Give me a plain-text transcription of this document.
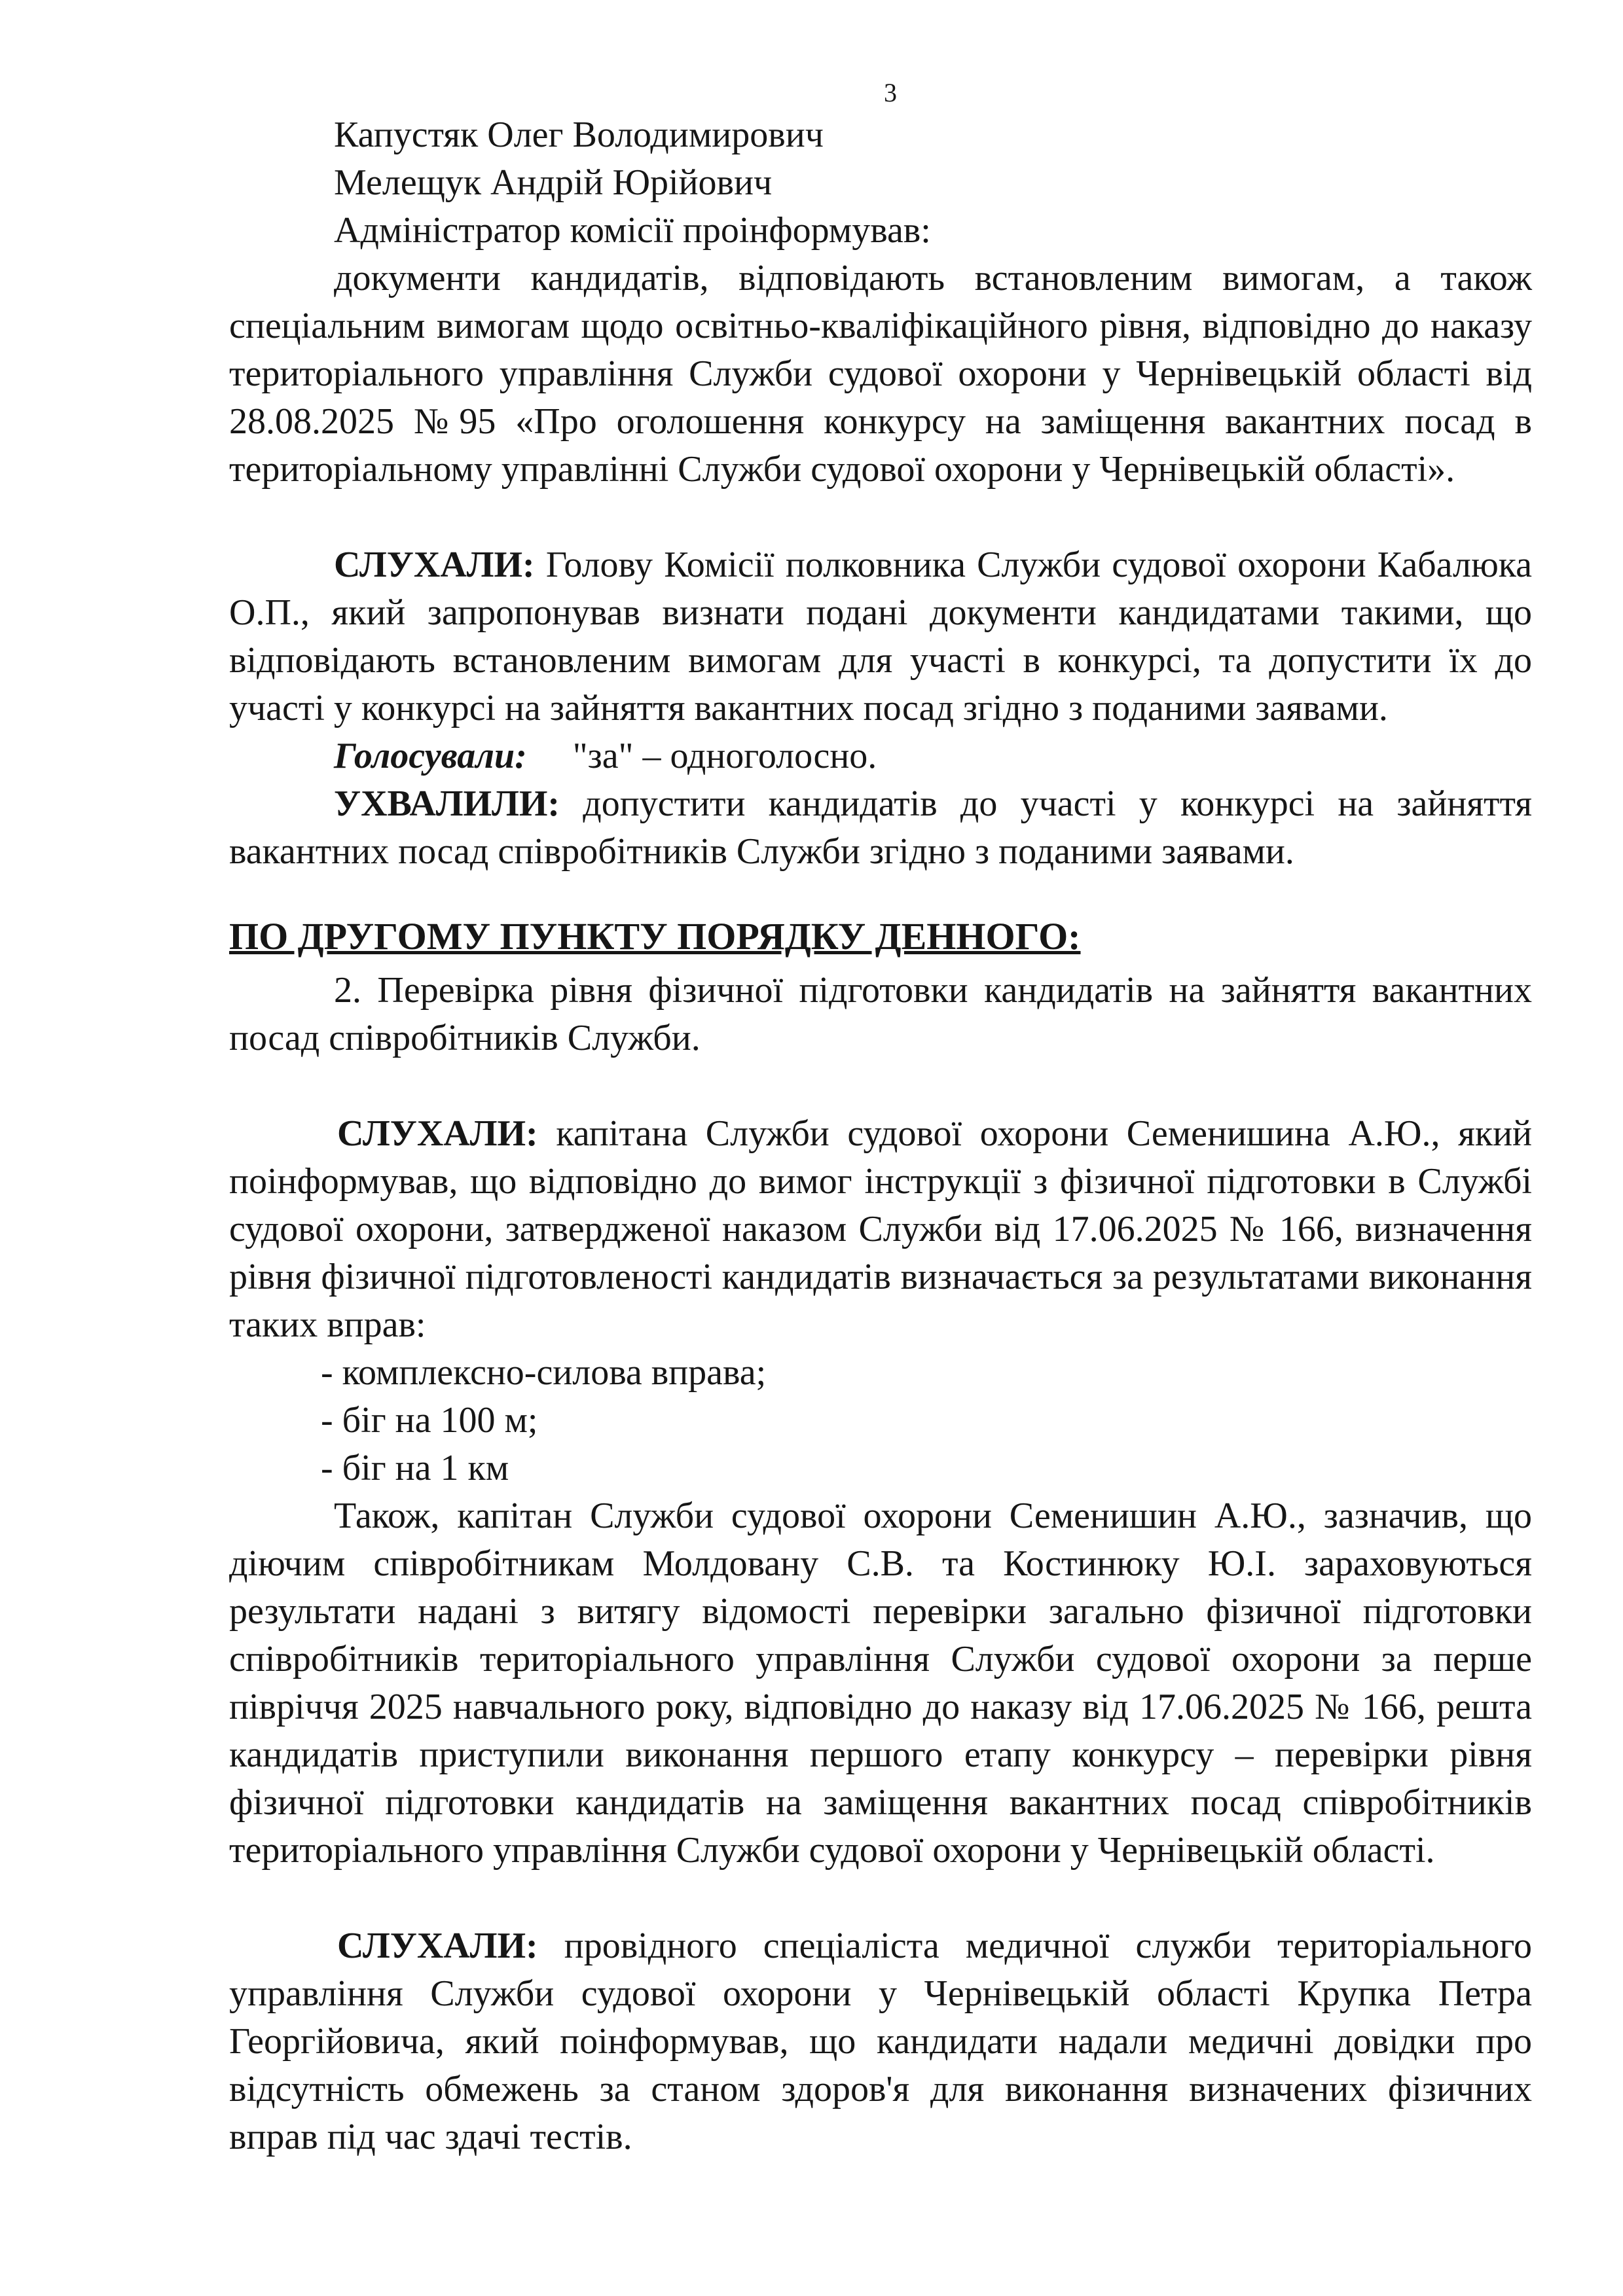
3

Капустяк Олег Володимирович

Мелещук Андрій Юрійович

Адміністратор комісії проінформував:

документи кандидатів, відповідають встановленим вимогам, а також спеціальним вимогам щодо освітньо-кваліфікаційного рівня, відповідно до наказу територіального управління Служби судової охорони у Чернівецькій області від 28.08.2025 №95 «Про оголошення конкурсу на заміщення вакантних посад в територіальному управлінні Служби судової охорони у Чернівецькій області».

СЛУХАЛИ: Голову Комісії полковника Служби судової охорони Кабалюка О.П., який запропонував визнати подані документи кандидатами такими, що відповідають встановленим вимогам для участі в конкурсі, та допустити їх до участі у конкурсі на зайняття вакантних посад згідно з поданими заявами.

Голосували: "за" – одноголосно.

УХВАЛИЛИ: допустити кандидатів до участі у конкурсі на зайняття вакантних посад співробітників Служби згідно з поданими заявами.

ПО ДРУГОМУ ПУНКТУ ПОРЯДКУ ДЕННОГО:

2. Перевірка рівня фізичної підготовки кандидатів на зайняття вакантних посад співробітників Служби.

СЛУХАЛИ: капітана Служби судової охорони Семенишина А.Ю., який поінформував, що відповідно до вимог інструкції з фізичної підготовки в Службі судової охорони, затвердженої наказом Служби від 17.06.2025 № 166, визначення рівня фізичної підготовленості кандидатів визначається за результатами виконання таких вправ:

- комплексно-силова вправа;

- біг на 100 м;

- біг на 1 км

Також, капітан Служби судової охорони Семенишин А.Ю., зазначив, що діючим співробітникам Молдовану С.В. та Костинюку Ю.І. зараховуються результати надані з витягу відомості перевірки загально фізичної підготовки співробітників територіального управління Служби судової охорони за перше півріччя 2025 навчального року, відповідно до наказу від 17.06.2025 № 166, решта кандидатів приступили виконання першого етапу конкурсу – перевірки рівня фізичної підготовки кандидатів на заміщення вакантних посад співробітників територіального управління Служби судової охорони у Чернівецькій області.

СЛУХАЛИ: провідного спеціаліста медичної служби територіального управління Служби судової охорони у Чернівецькій області Крупка Петра Георгійовича, який поінформував, що кандидати надали медичні довідки про відсутність обмежень за станом здоров'я для виконання визначених фізичних вправ під час здачі тестів.
